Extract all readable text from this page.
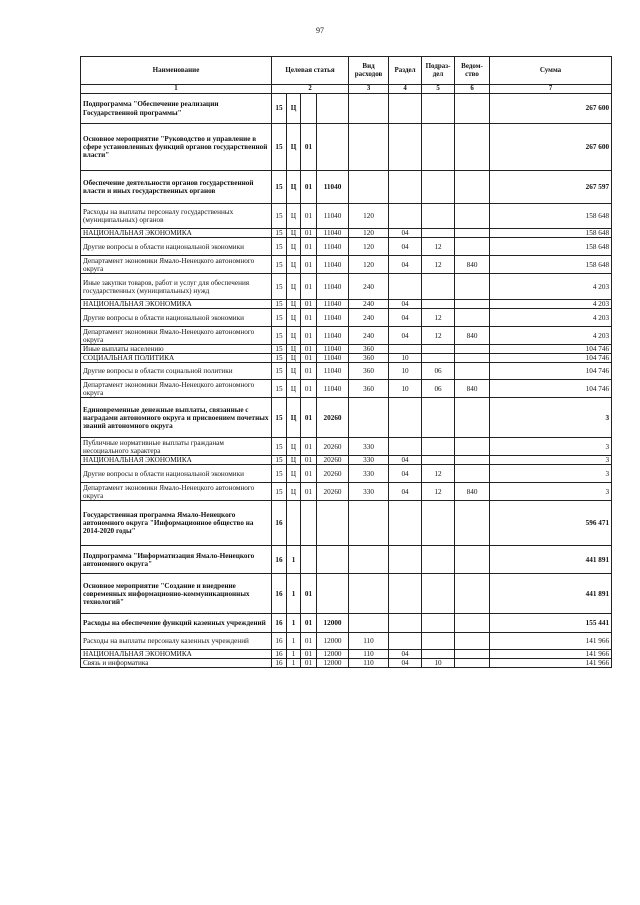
97
Наименование	Целевая статья				Вид расходов	Раздел	Подраз-дел	Ведом-ство	Сумма
1	2				3	4	5	6	7
Подпрограмма "Обеспечение реализации Государственной программы"	15	Ц							267 600
Основное мероприятие "Руководство и управление в сфере установленных функций органов государственной власти"	15	Ц	01						267 600
Обеспечение деятельности органов государственной власти и иных государственных органов	15	Ц	01	11040					267 597
Расходы на выплаты персоналу государственных (муниципальных) органов	15	Ц	01	11040	120				158 648
НАЦИОНАЛЬНАЯ ЭКОНОМИКА	15	Ц	01	11040	120	04			158 648
Другие вопросы в области национальной экономики	15	Ц	01	11040	120	04	12		158 648
Департамент экономики Ямало-Ненецкого автономного округа	15	Ц	01	11040	120	04	12	840	158 648
Иные закупки товаров, работ и услуг для обеспечения государственных (муниципальных) нужд	15	Ц	01	11040	240				4 203
НАЦИОНАЛЬНАЯ ЭКОНОМИКА	15	Ц	01	11040	240	04			4 203
Другие вопросы в области национальной экономики	15	Ц	01	11040	240	04	12		4 203
Департамент экономики Ямало-Ненецкого автономного округа	15	Ц	01	11040	240	04	12	840	4 203
Иные выплаты населению	15	Ц	01	11040	360				104 746
СОЦИАЛЬНАЯ ПОЛИТИКА	15	Ц	01	11040	360	10			104 746
Другие вопросы в области социальной политики	15	Ц	01	11040	360	10	06		104 746
Департамент экономики Ямало-Ненецкого автономного округа	15	Ц	01	11040	360	10	06	840	104 746
Единовременные денежные выплаты, связанные с наградами автономного округа и присвоением почетных званий автономного округа	15	Ц	01	20260					3
Публичные нормативные выплаты гражданам несоциального характера	15	Ц	01	20260	330				3
НАЦИОНАЛЬНАЯ ЭКОНОМИКА	15	Ц	01	20260	330	04			3
Другие вопросы в области национальной экономики	15	Ц	01	20260	330	04	12		3
Департамент экономики Ямало-Ненецкого автономного округа	15	Ц	01	20260	330	04	12	840	3
Государственная программа Ямало-Ненецкого автономного округа "Информационное общество на 2014-2020 годы"	16								596 471
Подпрограмма "Информатизация Ямало-Ненецкого автономного округа"	16	1							441 891
Основное мероприятие "Создание и внедрение современных информационно-коммуникационных технологий"	16	1	01						441 891
Расходы на обеспечение функций казенных учреждений	16	1	01	12000					155 441
Расходы на выплаты персоналу казенных учреждений	16	1	01	12000	110				141 966
НАЦИОНАЛЬНАЯ ЭКОНОМИКА	16	1	01	12000	110	04			141 966
Связь и информатика	16	1	01	12000	110	04	10		141 966
